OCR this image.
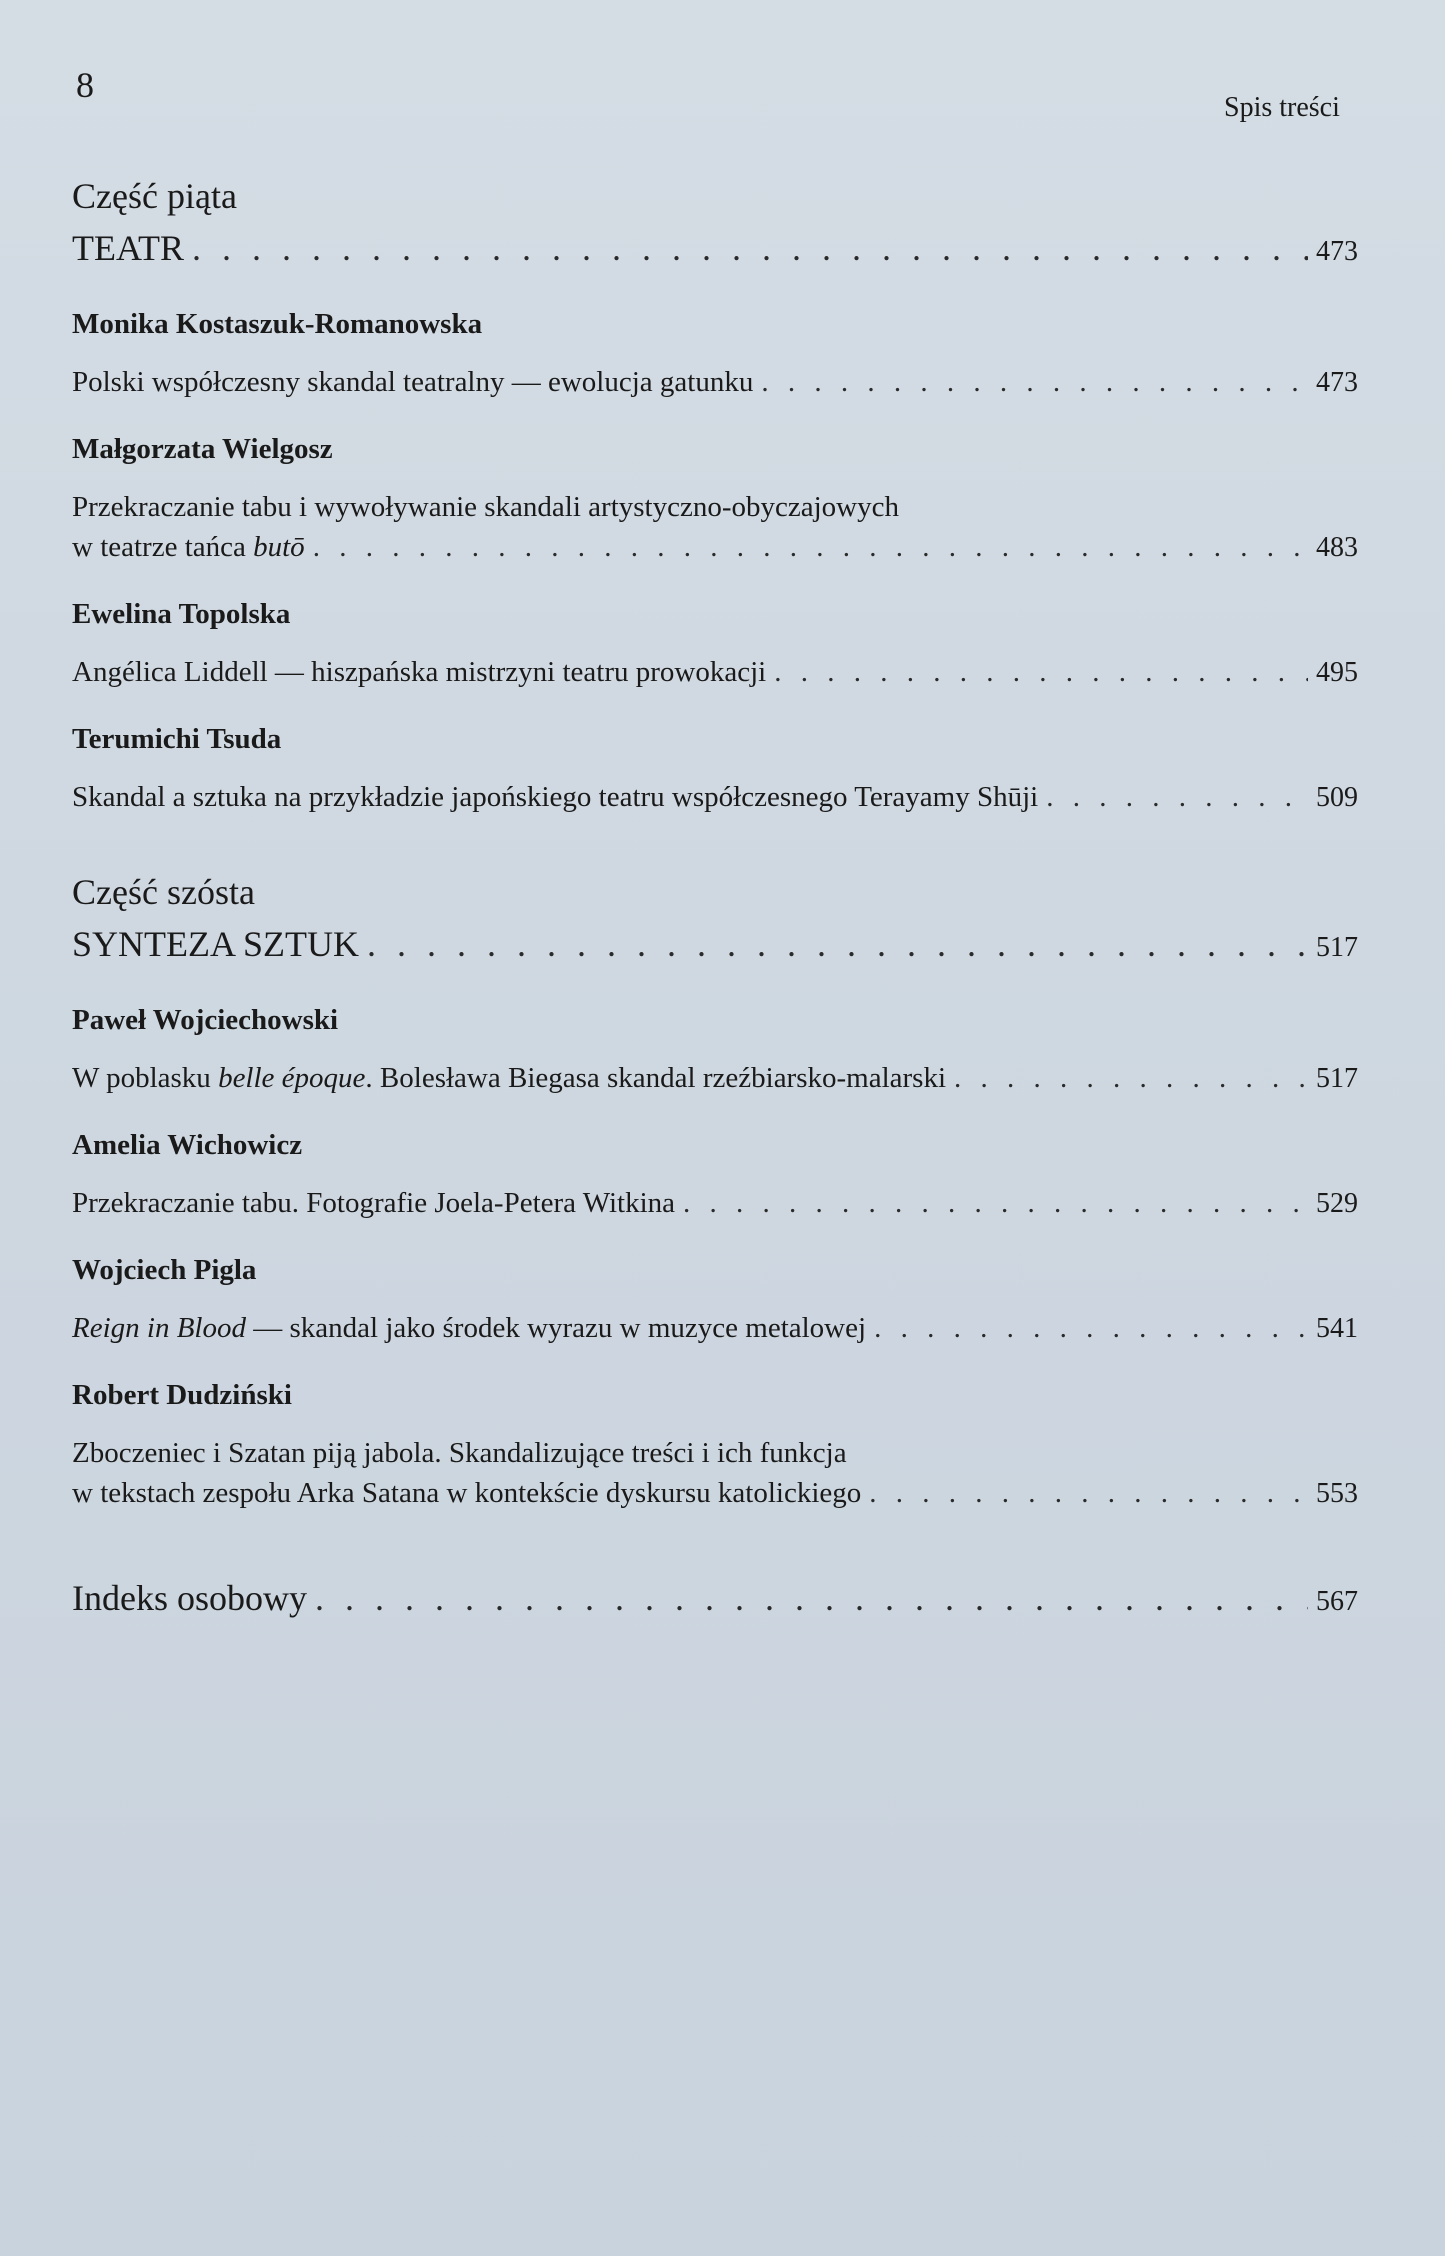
8
Spis treści
Część piąta
TEATR . . .	473
Monika Kostaszuk-Romanowska
Polski współczesny skandal teatralny — ewolucja gatunku . . .	473
Małgorzata Wielgosz
Przekraczanie tabu i wywoływanie skandali artystyczno-obyczajowych
w teatrze tańca butō . . .	483
Ewelina Topolska
Angélica Liddell — hiszpańska mistrzyni teatru prowokacji . . .	495
Terumichi Tsuda
Skandal a sztuka na przykładzie japońskiego teatru współczesnego Terayamy Shūji . . .	509
Część szósta
SYNTEZA SZTUK . . .	517
Paweł Wojciechowski
W poblasku belle époque. Bolesława Biegasa skandal rzeźbiarsko-malarski . . .	517
Amelia Wichowicz
Przekraczanie tabu. Fotografie Joela-Petera Witkina . . .	529
Wojciech Pigla
Reign in Blood — skandal jako środek wyrazu w muzyce metalowej . . .	541
Robert Dudziński
Zboczeniec i Szatan piją jabola. Skandalizujące treści i ich funkcja
w tekstach zespołu Arka Satana w kontekście dyskursu katolickiego . . .	553
Indeks osobowy . . .	567
